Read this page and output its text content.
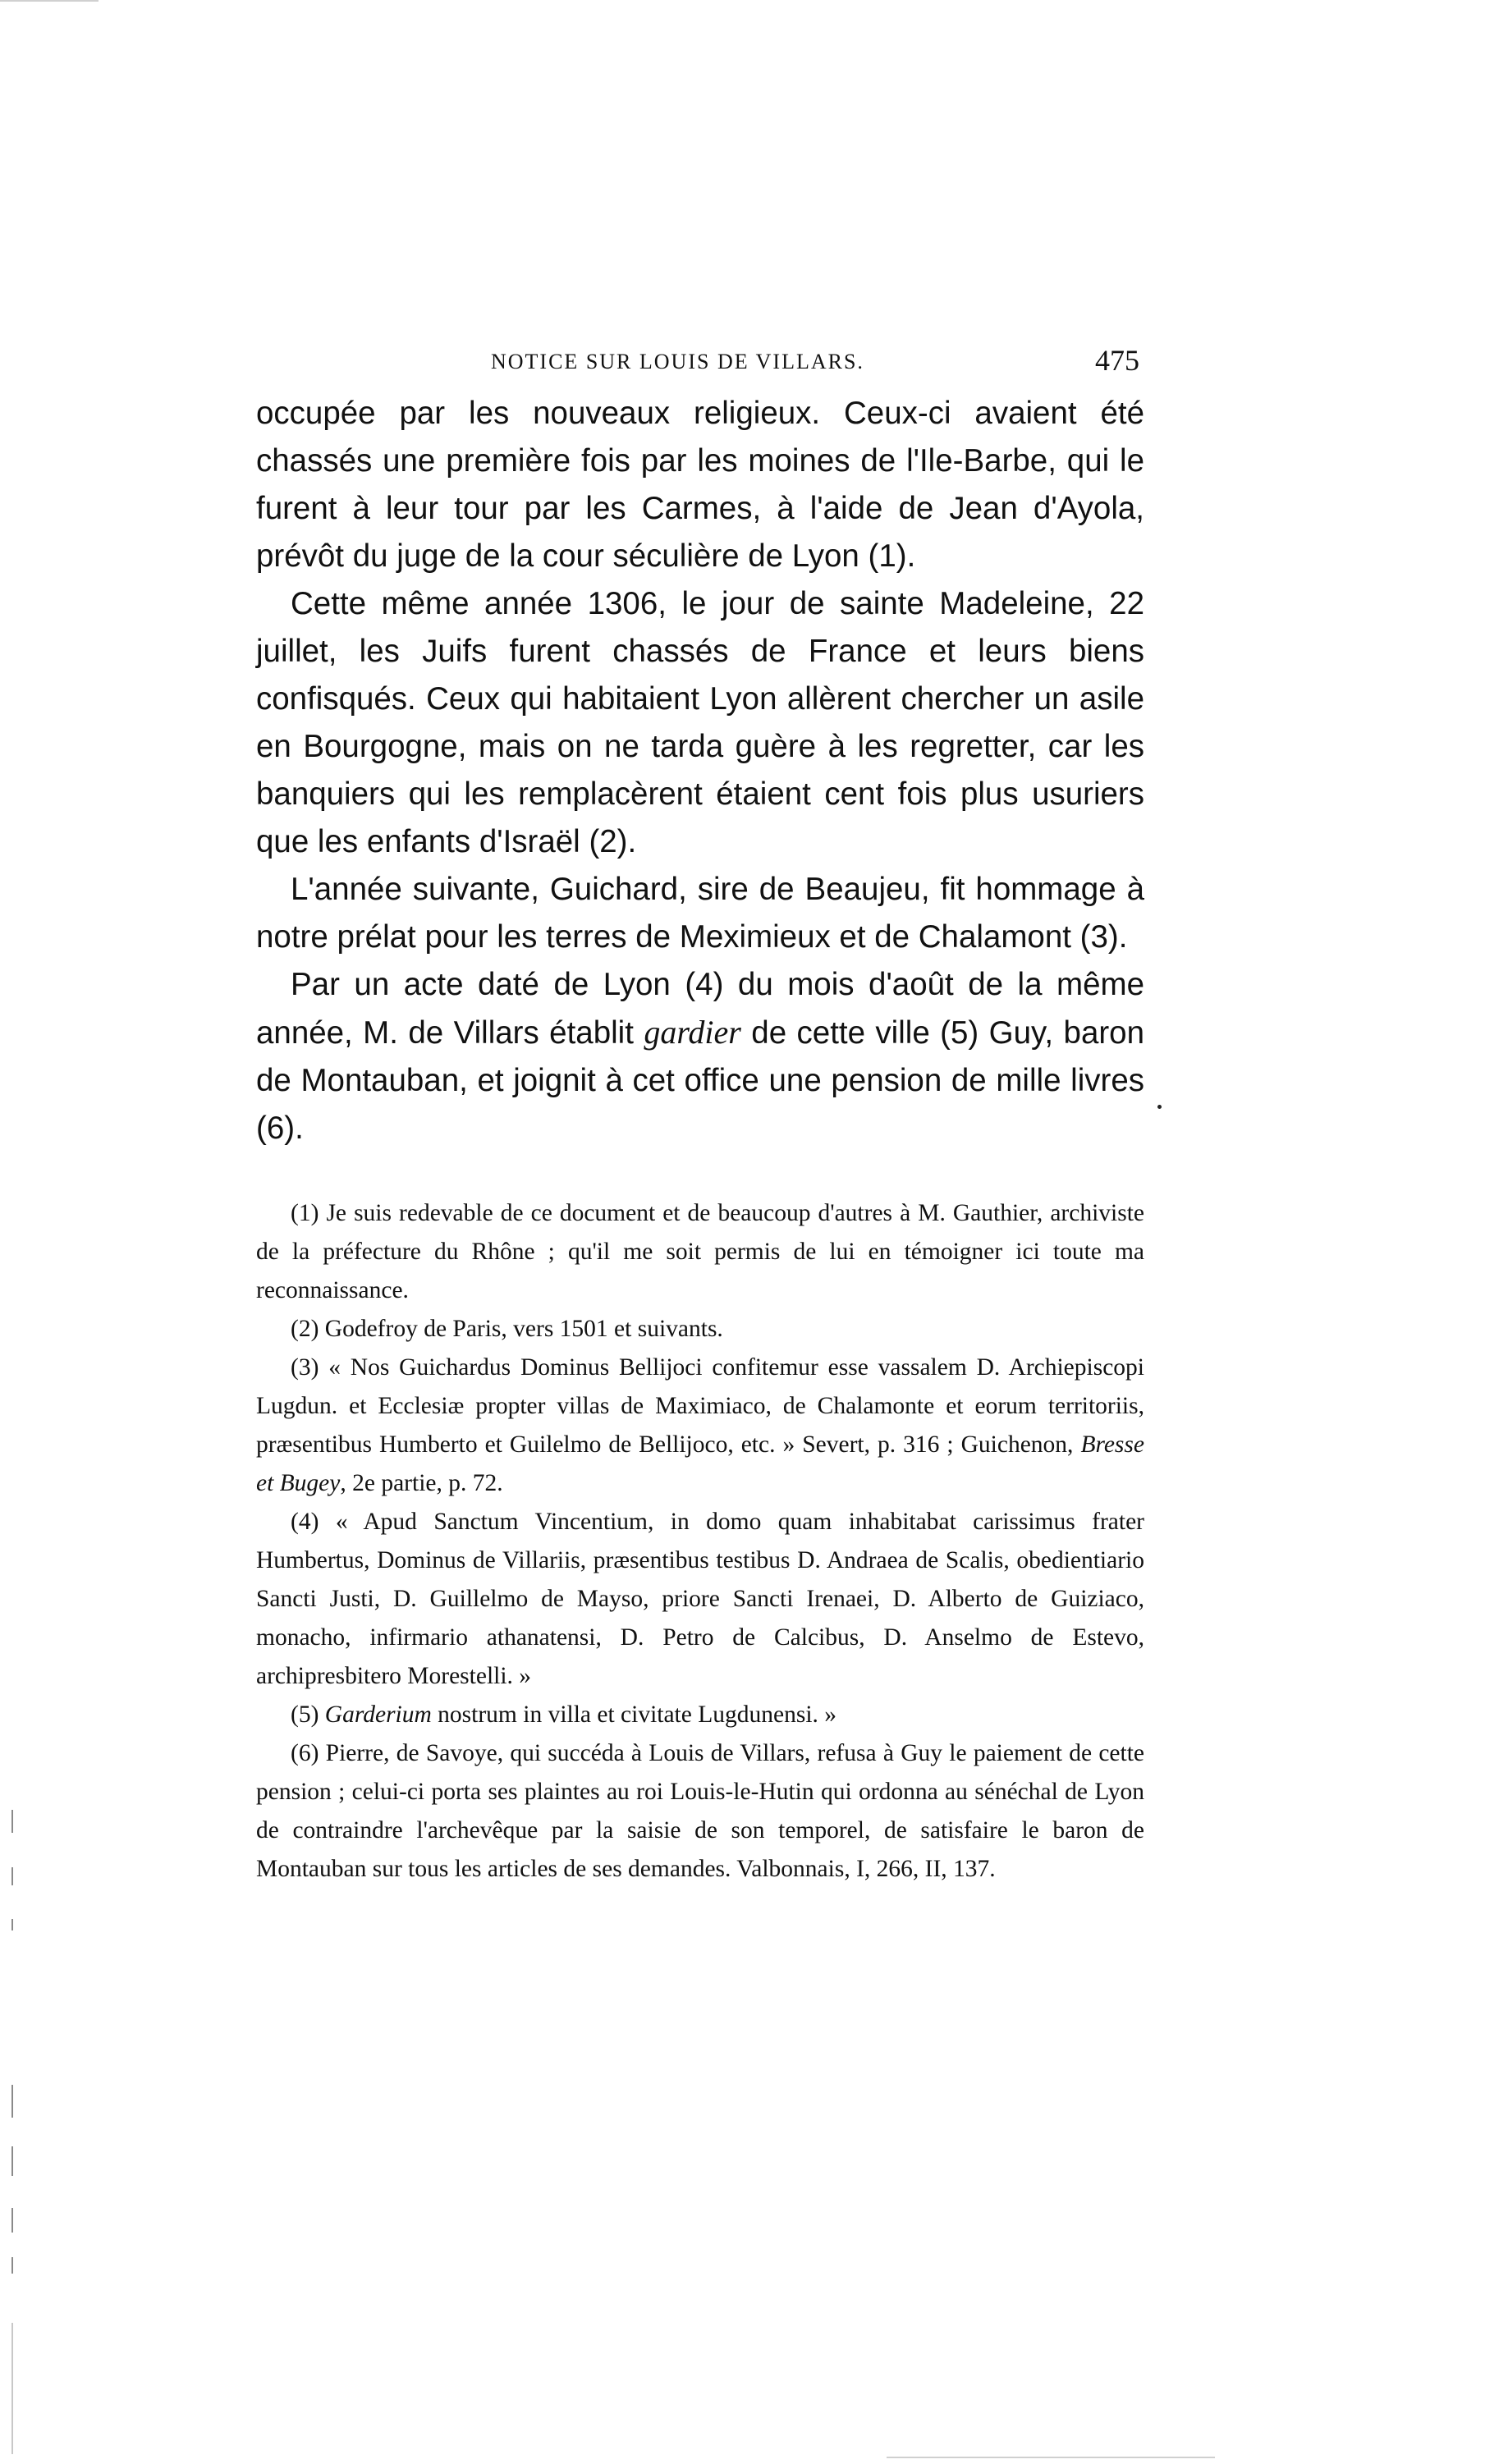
NOTICE SUR LOUIS DE VILLARS.	475

occupée par les nouveaux religieux. Ceux-ci avaient été chassés une première fois par les moines de l'Ile-Barbe, qui le furent à leur tour par les Carmes, à l'aide de Jean d'Ayola, prévôt du juge de la cour séculière de Lyon (1).

Cette même année 1306, le jour de sainte Madeleine, 22 juillet, les Juifs furent chassés de France et leurs biens confisqués. Ceux qui habitaient Lyon allèrent chercher un asile en Bourgogne, mais on ne tarda guère à les regretter, car les banquiers qui les remplacèrent étaient cent fois plus usuriers que les enfants d'Israël (2).

L'année suivante, Guichard, sire de Beaujeu, fit hommage à notre prélat pour les terres de Meximieux et de Chalamont (3).

Par un acte daté de Lyon (4) du mois d'août de la même année, M. de Villars établit gardier de cette ville (5) Guy, baron de Montauban, et joignit à cet office une pension de mille livres (6).

(1) Je suis redevable de ce document et de beaucoup d'autres à M. Gauthier, archiviste de la préfecture du Rhône ; qu'il me soit permis de lui en témoigner ici toute ma reconnaissance.

(2) Godefroy de Paris, vers 1501 et suivants.

(3) « Nos Guichardus Dominus Bellijoci confitemur esse vassalem D. Archiepiscopi Lugdun. et Ecclesiæ propter villas de Maximiaco, de Chalamonte et eorum territoriis, præsentibus Humberto et Guilelmo de Bellijoco, etc. » Severt, p. 316 ; Guichenon, Bresse et Bugey, 2e partie, p. 72.

(4) « Apud Sanctum Vincentium, in domo quam inhabitabat carissimus frater Humbertus, Dominus de Villariis, præsentibus testibus D. Andraea de Scalis, obedientiario Sancti Justi, D. Guillelmo de Mayso, priore Sancti Irenaei, D. Alberto de Guiziaco, monacho, infirmario athanatensi, D. Petro de Calcibus, D. Anselmo de Estevo, archipresbitero Morestelli. »

(5) Garderium nostrum in villa et civitate Lugdunensi. »

(6) Pierre, de Savoye, qui succéda à Louis de Villars, refusa à Guy le paiement de cette pension ; celui-ci porta ses plaintes au roi Louis-le-Hutin qui ordonna au sénéchal de Lyon de contraindre l'archevêque par la saisie de son temporel, de satisfaire le baron de Montauban sur tous les articles de ses demandes. Valbonnais, I, 266, II, 137.
